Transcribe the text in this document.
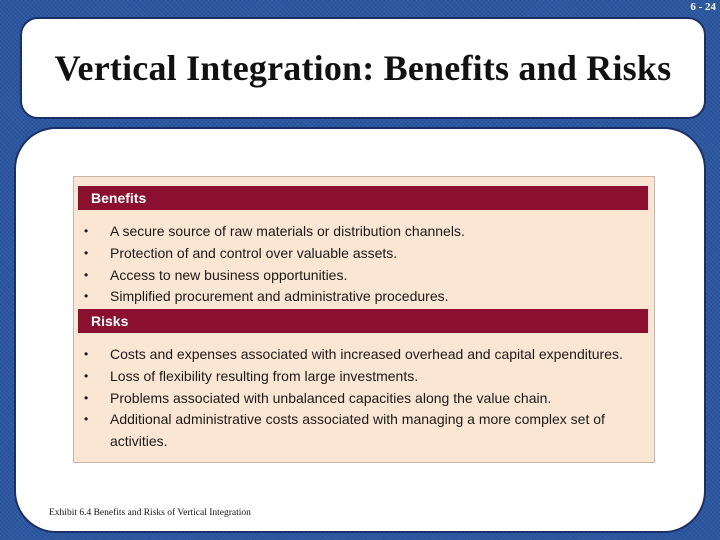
6 - 24
Vertical Integration: Benefits and Risks
Benefits
• A secure source of raw materials or distribution channels.
• Protection of and control over valuable assets.
• Access to new business opportunities.
• Simplified procurement and administrative procedures.
Risks
• Costs and expenses associated with increased overhead and capital expenditures.
• Loss of flexibility resulting from large investments.
• Problems associated with unbalanced capacities along the value chain.
• Additional administrative costs associated with managing a more complex set of activities.
Exhibit 6.4 Benefits and Risks of Vertical Integration
